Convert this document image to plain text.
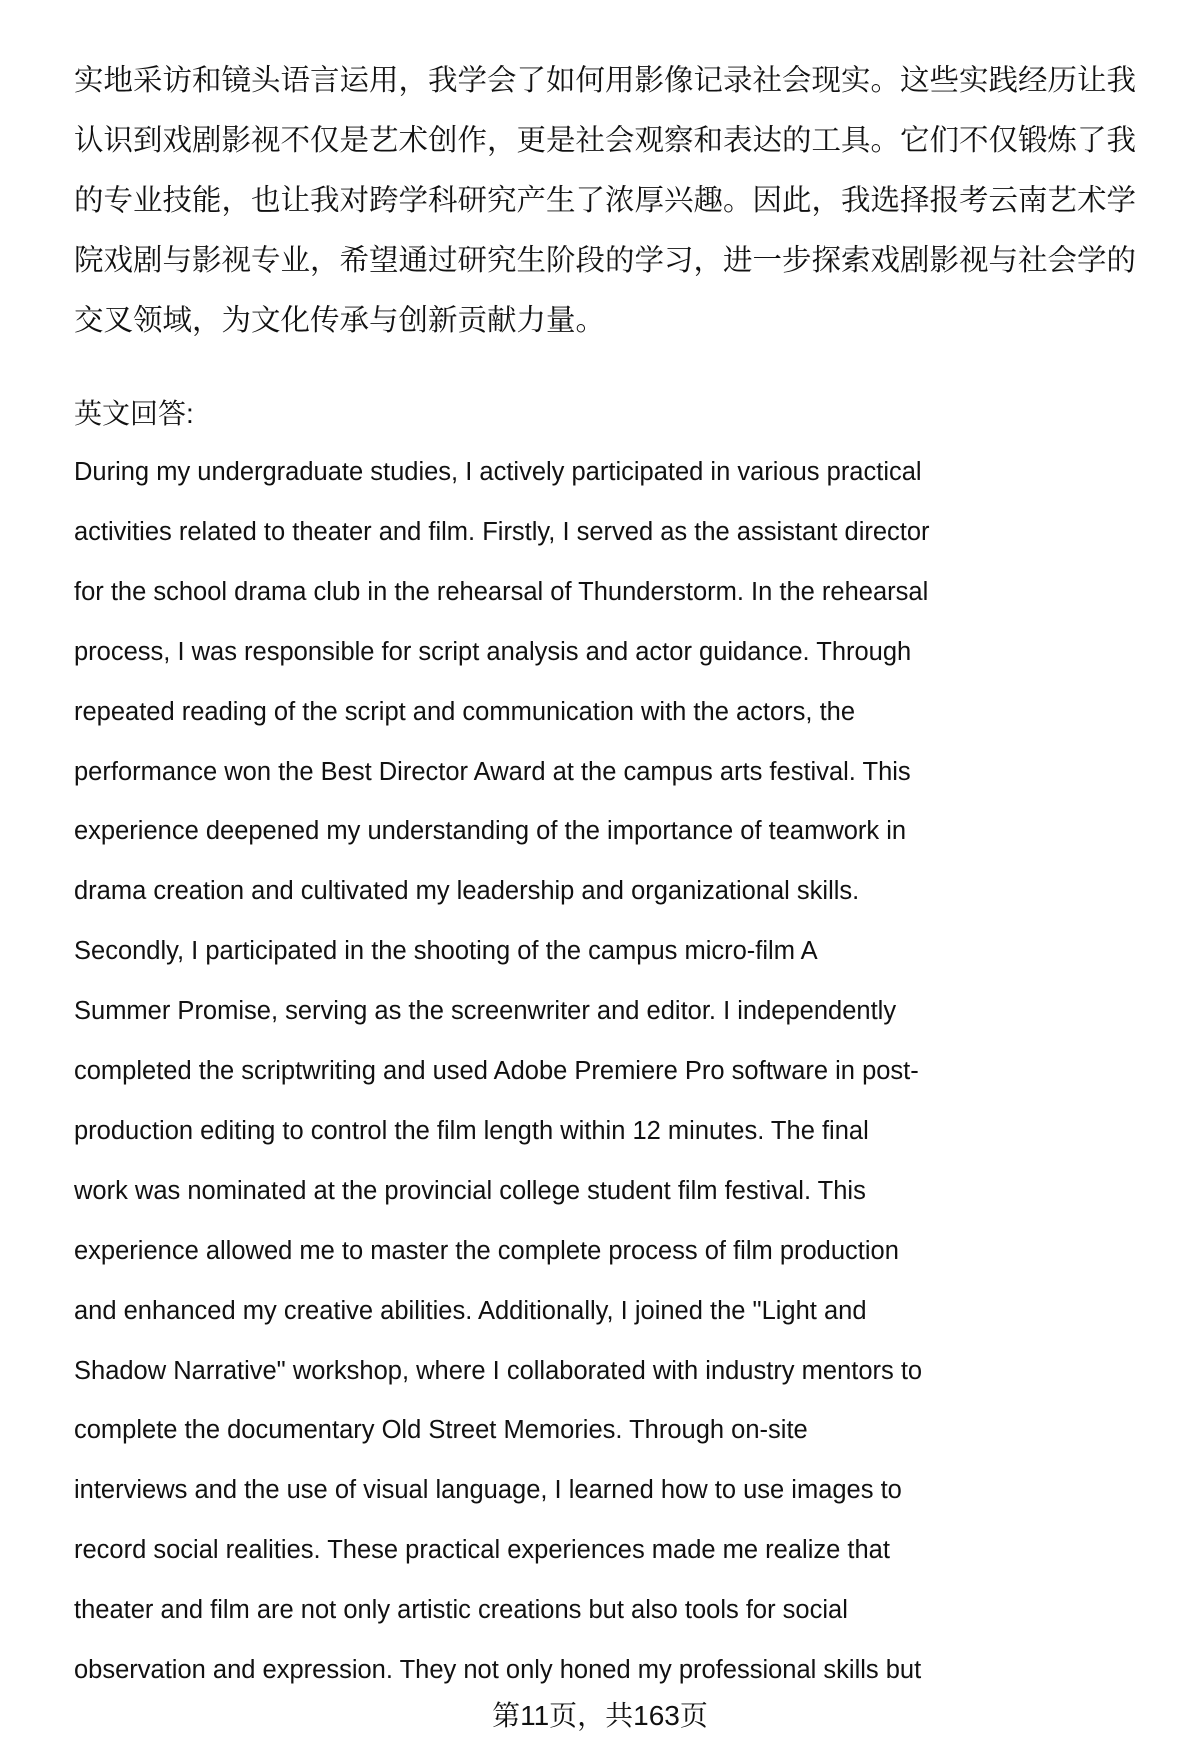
实地采访和镜头语言运用，我学会了如何用影像记录社会现实。这些实践经历让我
认识到戏剧影视不仅是艺术创作，更是社会观察和表达的工具。它们不仅锻炼了我
的专业技能，也让我对跨学科研究产生了浓厚兴趣。因此，我选择报考云南艺术学
院戏剧与影视专业，希望通过研究生阶段的学习，进一步探索戏剧影视与社会学的
交叉领域，为文化传承与创新贡献力量。
During my undergraduate studies, I actively participated in various practical
activities related to theater and film. Firstly, I served as the assistant director
for the school drama club in the rehearsal of Thunderstorm. In the rehearsal
process, I was responsible for script analysis and actor guidance. Through
repeated reading of the script and communication with the actors, the
performance won the Best Director Award at the campus arts festival. This
experience deepened my understanding of the importance of teamwork in
drama creation and cultivated my leadership and organizational skills.
Secondly, I participated in the shooting of the campus micro-film A
Summer Promise, serving as the screenwriter and editor. I independently
completed the scriptwriting and used Adobe Premiere Pro software in post-
production editing to control the film length within 12 minutes. The final
work was nominated at the provincial college student film festival. This
experience allowed me to master the complete process of film production
and enhanced my creative abilities. Additionally, I joined the "Light and
Shadow Narrative" workshop, where I collaborated with industry mentors to
complete the documentary Old Street Memories. Through on-site
interviews and the use of visual language, I learned how to use images to
record social realities. These practical experiences made me realize that
theater and film are not only artistic creations but also tools for social
observation and expression. They not only honed my professional skills but
英文回答:
第11页，共163页
